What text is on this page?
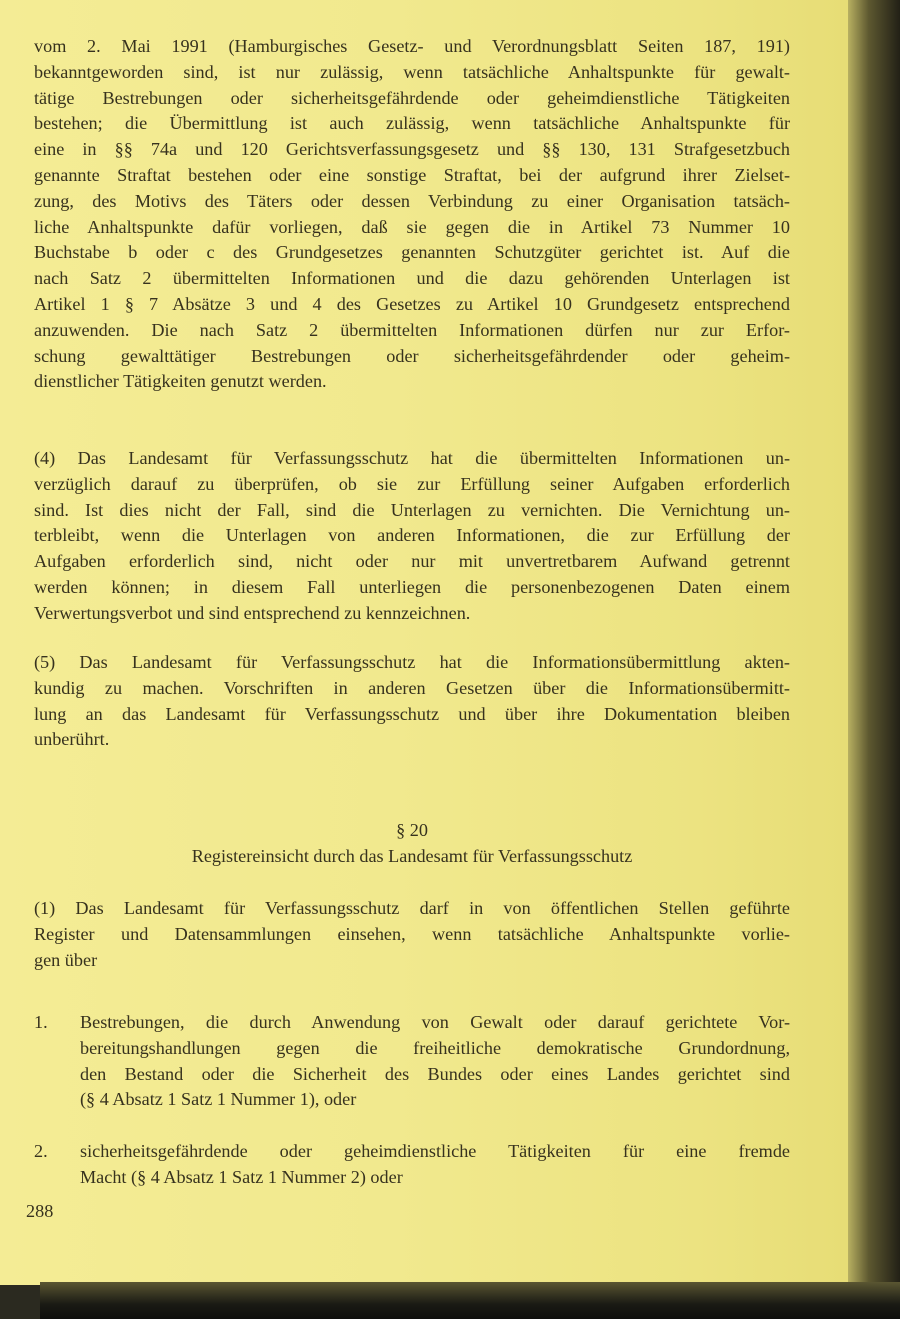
vom 2. Mai 1991 (Hamburgisches Gesetz- und Verordnungsblatt Seiten 187, 191)
bekanntgeworden sind, ist nur zulässig, wenn tatsächliche Anhaltspunkte für gewalt-
tätige Bestrebungen oder sicherheitsgefährdende oder geheimdienstliche Tätigkeiten
bestehen; die Übermittlung ist auch zulässig, wenn tatsächliche Anhaltspunkte für
eine in §§ 74a und 120 Gerichtsverfassungsgesetz und §§ 130, 131 Strafgesetzbuch
genannte Straftat bestehen oder eine sonstige Straftat, bei der aufgrund ihrer Zielset-
zung, des Motivs des Täters oder dessen Verbindung zu einer Organisation tatsäch-
liche Anhaltspunkte dafür vorliegen, daß sie gegen die in Artikel 73 Nummer 10
Buchstabe b oder c des Grundgesetzes genannten Schutzgüter gerichtet ist. Auf die
nach Satz 2 übermittelten Informationen und die dazu gehörenden Unterlagen ist
Artikel 1 § 7 Absätze 3 und 4 des Gesetzes zu Artikel 10 Grundgesetz entsprechend
anzuwenden. Die nach Satz 2 übermittelten Informationen dürfen nur zur Erfor-
schung gewalttätiger Bestrebungen oder sicherheitsgefährdender oder geheim-
dienstlicher Tätigkeiten genutzt werden.
(4) Das Landesamt für Verfassungsschutz hat die übermittelten Informationen un-
verzüglich darauf zu überprüfen, ob sie zur Erfüllung seiner Aufgaben erforderlich
sind. Ist dies nicht der Fall, sind die Unterlagen zu vernichten. Die Vernichtung un-
terbleibt, wenn die Unterlagen von anderen Informationen, die zur Erfüllung der
Aufgaben erforderlich sind, nicht oder nur mit unvertretbarem Aufwand getrennt
werden können; in diesem Fall unterliegen die personenbezogenen Daten einem
Verwertungsverbot und sind entsprechend zu kennzeichnen.
(5) Das Landesamt für Verfassungsschutz hat die Informationsübermittlung akten-
kundig zu machen. Vorschriften in anderen Gesetzen über die Informationsübermitt-
lung an das Landesamt für Verfassungsschutz und über ihre Dokumentation bleiben
unberührt.
§ 20
Registereinsicht durch das Landesamt für Verfassungsschutz
(1) Das Landesamt für Verfassungsschutz darf in von öffentlichen Stellen geführte
Register und Datensammlungen einsehen, wenn tatsächliche Anhaltspunkte vorlie-
gen über
1.	Bestrebungen, die durch Anwendung von Gewalt oder darauf gerichtete Vor-
bereitungshandlungen gegen die freiheitliche demokratische Grundordnung,
den Bestand oder die Sicherheit des Bundes oder eines Landes gerichtet sind
(§ 4 Absatz 1 Satz 1 Nummer 1), oder
2.	sicherheitsgefährdende oder geheimdienstliche Tätigkeiten für eine fremde
Macht (§ 4 Absatz 1 Satz 1 Nummer 2) oder
288
